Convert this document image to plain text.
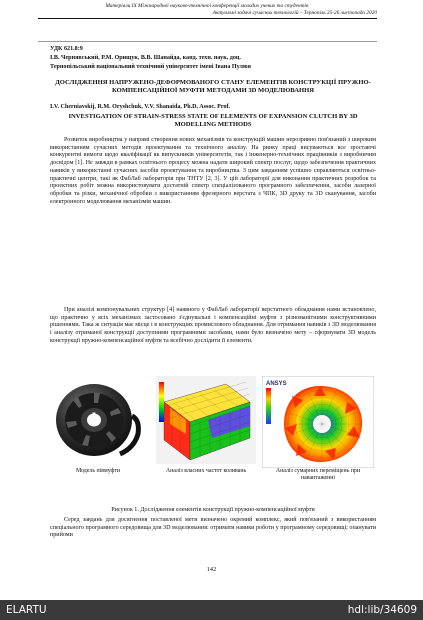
Матеріали IX Міжнародної науково-технічної конференції молодих учених та студентів.
Актуальні задачі сучасних технологій – Тернопіль 25-26 листопада 2020
УДК 621.8:9
І.В. Чернявський, Р.М. Орищук, В.В. Шанайда, канд. техн. наук, доц.
Тернопільський національний технічний університет імені Івана Пулюя
ДОСЛІДЖЕННЯ НАПРУЖЕНО-ДЕФОРМОВАНОГО СТАНУ ЕЛЕМЕНТІВ КОНСТРУКЦІЇ ПРУЖНО-КОМПЕНСАЦІЙНОЇ МУФТИ МЕТОДАМИ 3D МОДЕЛЮВАННЯ
I.V. Cherniavskij, R.M. Oryshchuk, V.V. Shanaida, Ph.D, Assoc. Prof.
INVESTIGATION OF STRAIN-STRESS STATE OF ELEMENTS OF EXPANSION CLUTCH BY 3D MODELLING METHODS
Розвиток виробництва у напрямі створення нових механізмів та конструкцій машин нерозривно пов'язаний з широким використанням сучасних методів проектування та технічного аналізу. На ринку праці висуваються все зростаючі конкурентні вимоги щодо кваліфікації як випускників університетів, так і інженерно-технічних працівників з виробничим досвідом [1]. Не завжди в рамках освітнього процесу можна надати широкий спектр послуг, щодо забезпечення практичних навиків у використанні сучасних засобів проектування та виробництва. З цим завданням успішно справляються освітньо-практичні центри, такі як ФабЛаб лабораторія при ТНТУ [2, 3]. У цій лабораторії для виконання практичних розробок та проектних робіт можна використовувати достатній спектр спеціалізованого програмного забезпечення, засоби лазерної обробки та різки, механічної обробки з використанням фрезерного верстата з ЧПК, 3D друку та 3D сканування, засоби електронного моделювання механізмів машин.
При аналізі компонувальних структур [4] наявного у ФабЛаб лабораторії верстатного обладнання нами встановлено, що практично у всіх механізмах застосовано з'єднувальні і компенсаційні муфти з різноманітними конструктивними рішеннями. Така ж ситуація має місце і в конструкціях промислового обладнання. Для отримання навиків з 3D моделювання і аналізу отриманої конструкції доступними програмними засобами, нами було визначено мету – сформувати 3D модель конструкції пружно-компенсаційної муфти та всебічно дослідити її елементи.
Модель півмуфти	Аналіз власних частот коливань
ANSYS
Аналіз сумарних переміщень при навантаженні
Рисунок 1. Дослідження елементів конструкції пружно-компенсаційної муфти
Серед завдань для досягнення поставленої мети визначено окремий комплекс, який пов'язаний з використанням спеціального програмного середовища для 3D моделювання: отримати навики роботи у програмному середовищі; опанувати прийоми
142
ELARTU	hdl:lib/34609
